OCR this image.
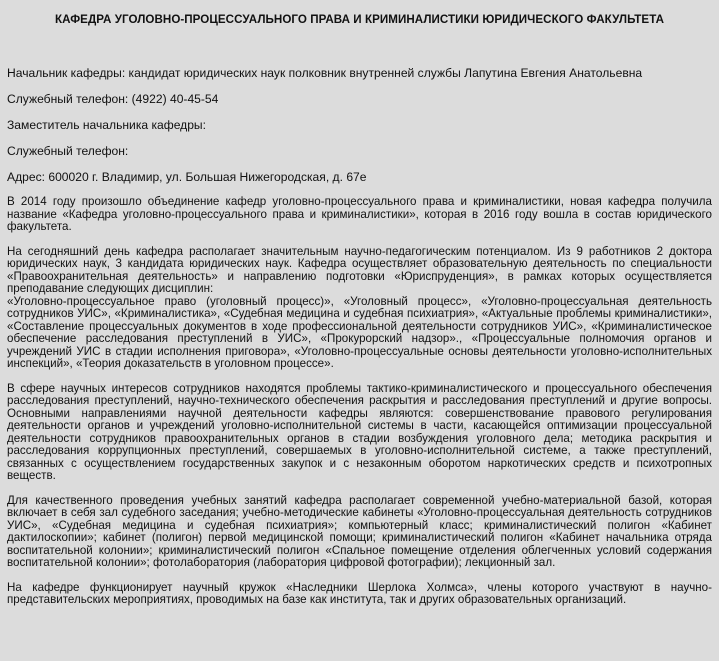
КАФЕДРА УГОЛОВНО-ПРОЦЕССУАЛЬНОГО ПРАВА И КРИМИНАЛИСТИКИ ЮРИДИЧЕСКОГО ФАКУЛЬТЕТА

Начальник кафедры: кандидат юридических наук полковник внутренней службы Лапутина Евгения Анатольевна

Служебный телефон: (4922) 40-45-54

Заместитель начальника кафедры:

Служебный телефон:

Адрес: 600020 г. Владимир, ул. Большая Нижегородская, д. 67е

В 2014 году произошло объединение кафедр уголовно-процессуального права и криминалистики, новая кафедра получила название «Кафедра уголовно-процессуального права и криминалистики», которая в 2016 году вошла в состав юридического факультета.

На сегодняшний день кафедра располагает значительным научно-педагогическим потенциалом. Из 9 работников 2 доктора юридических наук, 3 кандидата юридических наук. Кафедра осуществляет образовательную деятельность по специальности «Правоохранительная деятельность» и направлению подготовки «Юриспруденция», в рамках которых осуществляется преподавание следующих дисциплин:

«Уголовно-процессуальное право (уголовный процесс)», «Уголовный процесс», «Уголовно-процессуальная деятельность сотрудников УИС», «Криминалистика», «Судебная медицина и судебная психиатрия», «Актуальные проблемы криминалистики», «Составление процессуальных документов в ходе профессиональной деятельности сотрудников УИС», «Криминалистическое обеспечение расследования преступлений в УИС», «Прокурорский надзор»., «Процессуальные полномочия органов и учреждений УИС в стадии исполнения приговора», «Уголовно-процессуальные основы деятельности уголовно-исполнительных инспекций», «Теория доказательств в уголовном процессе».

В сфере научных интересов сотрудников находятся проблемы тактико-криминалистического и процессуального обеспечения расследования преступлений, научно-технического обеспечения раскрытия и расследования преступлений и другие вопросы. Основными направлениями научной деятельности кафедры являются: совершенствование правового регулирования деятельности органов и учреждений уголовно-исполнительной системы в части, касающейся оптимизации процессуальной деятельности сотрудников правоохранительных органов в стадии возбуждения уголовного дела; методика раскрытия и расследования коррупционных преступлений, совершаемых в уголовно-исполнительной системе, а также преступлений, связанных с осуществлением государственных закупок и с незаконным оборотом наркотических средств и психотропных веществ.

Для качественного проведения учебных занятий кафедра располагает современной учебно-материальной базой, которая включает в себя зал судебного заседания; учебно-методические кабинеты «Уголовно-процессуальная деятельность сотрудников УИС», «Судебная медицина и судебная психиатрия»; компьютерный класс; криминалистический полигон «Кабинет дактилоскопии»; кабинет (полигон) первой медицинской помощи; криминалистический полигон «Кабинет начальника отряда воспитательной колонии»; криминалистический полигон «Спальное помещение отделения облегченных условий содержания воспитательной колонии»; фотолаборатория (лаборатория цифровой фотографии); лекционный зал.

На кафедре функционирует научный кружок «Наследники Шерлока Холмса», члены которого участвуют в научно-представительских мероприятиях, проводимых на базе как института, так и других образовательных организаций.
